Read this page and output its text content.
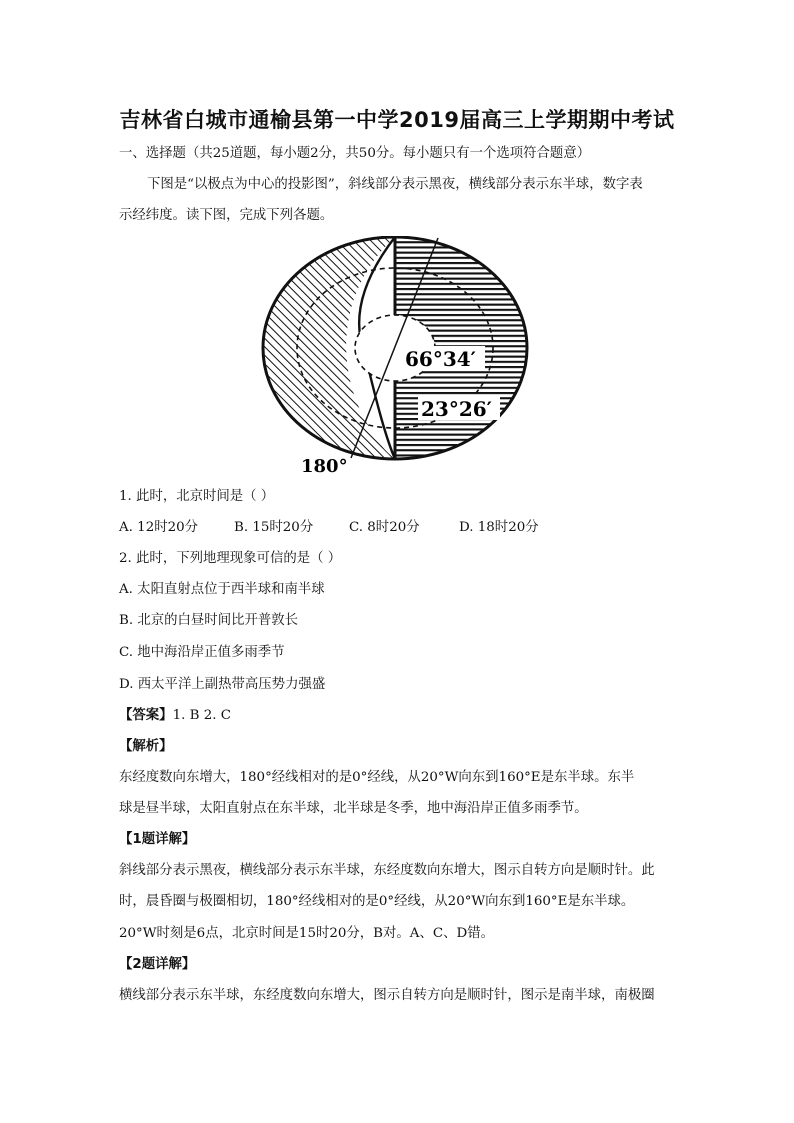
吉林省白城市通榆县第一中学2019届高三上学期期中考试
一、选择题（共25道题，每小题2分，共50分。每小题只有一个选项符合题意）
下图是“以极点为中心的投影图”，斜线部分表示黑夜，横线部分表示东半球，数字表
示经纬度。读下图，完成下列各题。
66°34′
23°26′
180°
1. 此时，北京时间是（ ）
A. 12时20分	B. 15时20分	C. 8时20分	D. 18时20分
2. 此时，下列地理现象可信的是（ ）
A. 太阳直射点位于西半球和南半球
B. 北京的白昼时间比开普敦长
C. 地中海沿岸正值多雨季节
D. 西太平洋上副热带高压势力强盛
【答案】1. B 2. C
【解析】
东经度数向东增大，180°经线相对的是0°经线，从20°W向东到160°E是东半球。东半
球是昼半球，太阳直射点在东半球，北半球是冬季，地中海沿岸正值多雨季节。
【1题详解】
斜线部分表示黑夜，横线部分表示东半球，东经度数向东增大，图示自转方向是顺时针。此
时，晨昏圈与极圈相切，180°经线相对的是0°经线，从20°W向东到160°E是东半球。
20°W时刻是6点，北京时间是15时20分，B对。A、C、D错。
【2题详解】
横线部分表示东半球，东经度数向东增大，图示自转方向是顺时针，图示是南半球，南极圈
